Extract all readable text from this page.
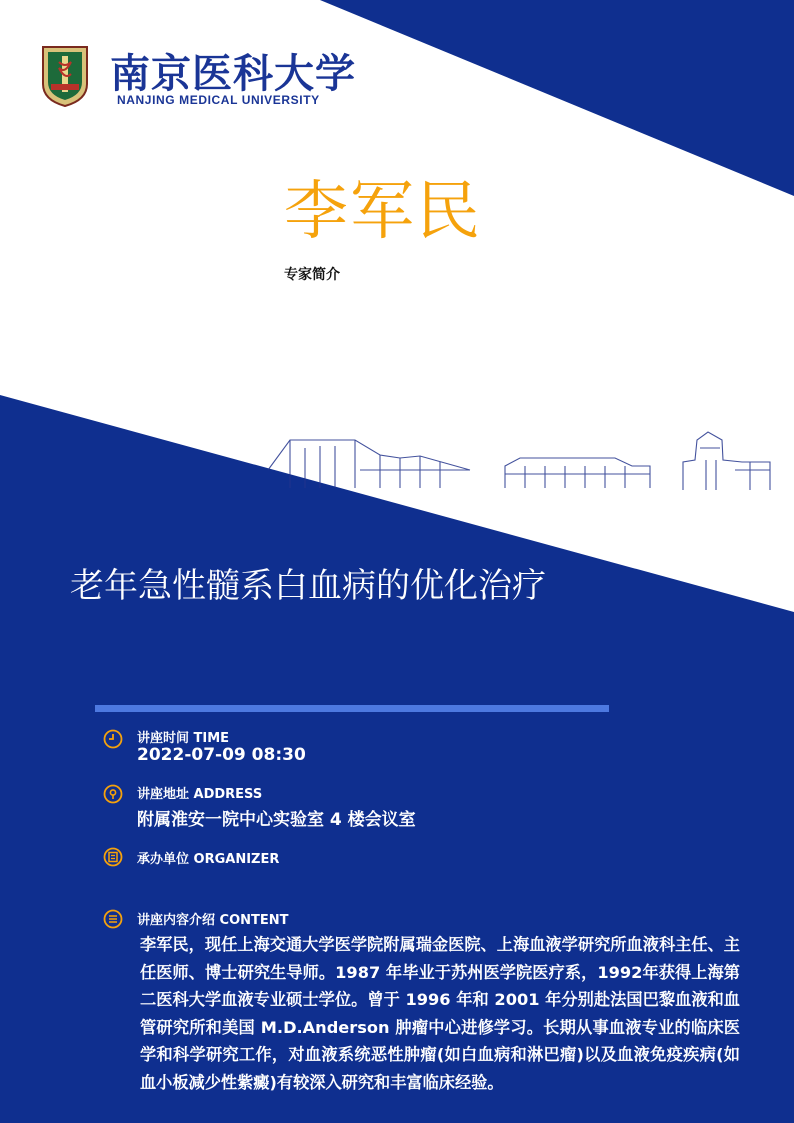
南京医科大学
NANJING MEDICAL UNIVERSITY
李军民
专家简介
老年急性髓系白血病的优化治疗
讲座时间 TIME
2022-07-09 08:30
讲座地址 ADDRESS
附属淮安一院中心实验室 4 楼会议室
承办单位 ORGANIZER
讲座内容介绍 CONTENT
李军民，现任上海交通大学医学院附属瑞金医院、上海血液学研究所血液科主任、主任医师、博士研究生导师。1987 年毕业于苏州医学院医疗系，1992年获得上海第二医科大学血液专业硕士学位。曾于 1996 年和 2001 年分别赴法国巴黎血液和血管研究所和美国 M.D.Anderson 肿瘤中心进修学习。长期从事血液专业的临床医学和科学研究工作，对血液系统恶性肿瘤(如白血病和淋巴瘤)以及血液免疫疾病(如血小板减少性紫癜)有较深入研究和丰富临床经验。
